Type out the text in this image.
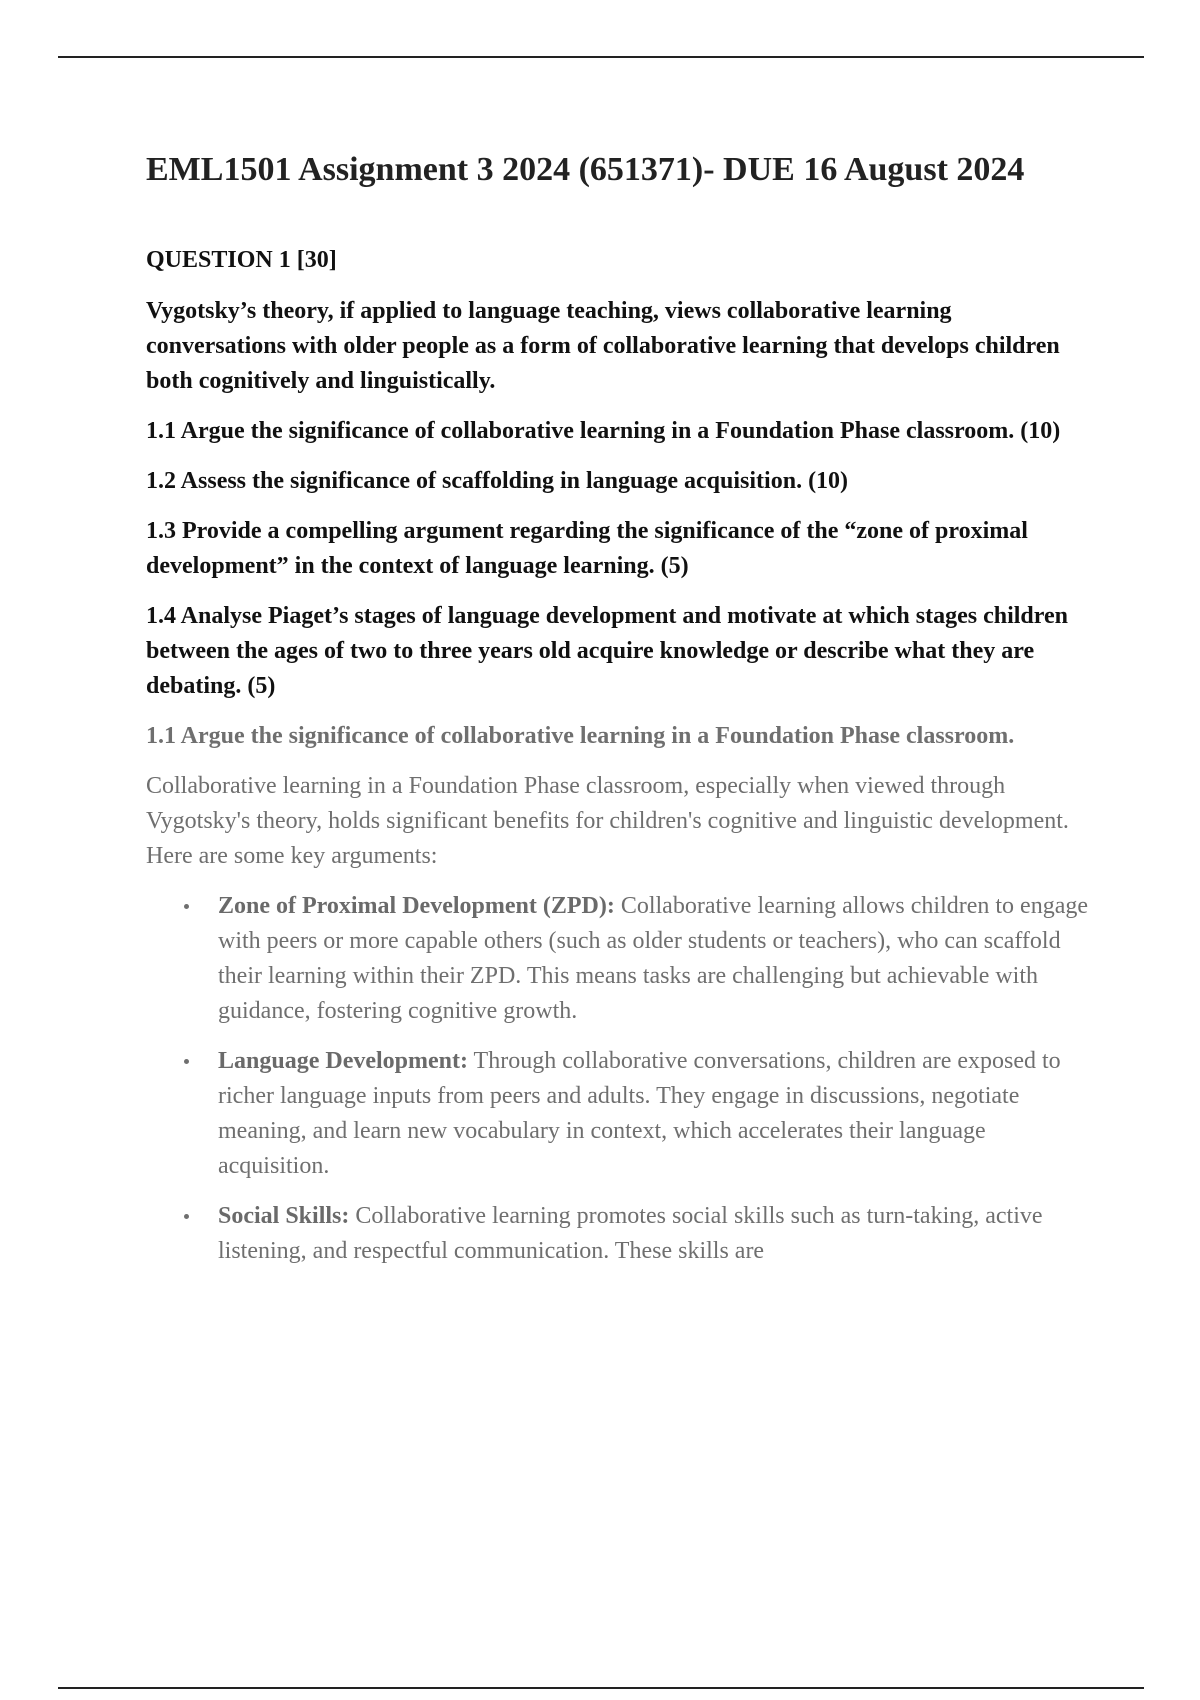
EML1501 Assignment 3 2024 (651371)- DUE 16 August 2024

QUESTION 1 [30]

Vygotsky’s theory, if applied to language teaching, views collaborative learning conversations with older people as a form of collaborative learning that develops children both cognitively and linguistically.

1.1 Argue the significance of collaborative learning in a Foundation Phase classroom. (10)

1.2 Assess the significance of scaffolding in language acquisition. (10)

1.3 Provide a compelling argument regarding the significance of the “zone of proximal development” in the context of language learning. (5)

1.4 Analyse Piaget’s stages of language development and motivate at which stages children between the ages of two to three years old acquire knowledge or describe what they are debating. (5)

1.1 Argue the significance of collaborative learning in a Foundation Phase classroom.

Collaborative learning in a Foundation Phase classroom, especially when viewed through Vygotsky's theory, holds significant benefits for children's cognitive and linguistic development. Here are some key arguments:

Zone of Proximal Development (ZPD): Collaborative learning allows children to engage with peers or more capable others (such as older students or teachers), who can scaffold their learning within their ZPD. This means tasks are challenging but achievable with guidance, fostering cognitive growth.
Language Development: Through collaborative conversations, children are exposed to richer language inputs from peers and adults. They engage in discussions, negotiate meaning, and learn new vocabulary in context, which accelerates their language acquisition.
Social Skills: Collaborative learning promotes social skills such as turn-taking, active listening, and respectful communication. These skills are
